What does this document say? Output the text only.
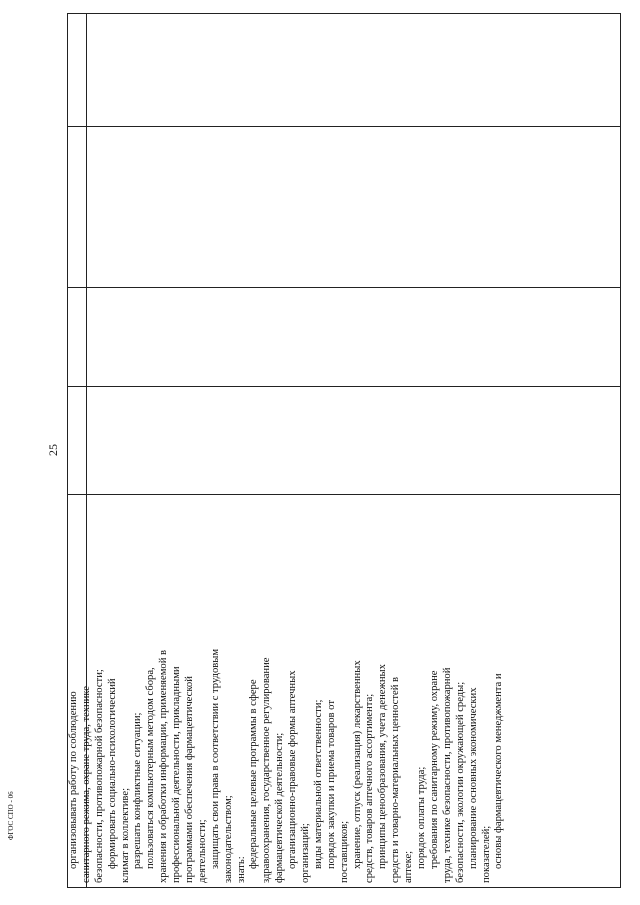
25
ФГОС СПО - 06	организовывать работу по соблюдению санитарного режима, охране труда, технике безопасности, противопожарной безопасности; формировать социально-психологический климат в коллективе; разрешать конфликтные ситуации; пользоваться компьютерным методом сбора, хранения и обработки информации, применяемой в профессиональной деятельности, прикладными программами обеспечения фармацевтической деятельности; защищать свои права в соответствии с трудовым законодательством; знать:
федеральные целевые программы в сфере здравоохранения, государственное регулирование фармацевтической деятельности; организационно-правовые формы аптечных организаций; виды материальной ответственности; порядок закупки и приема товаров от поставщиков; хранение, отпуск (реализация) лекарственных средств, товаров аптечного ассортимента; принципы ценообразования, учета денежных средств и товарно-материальных ценностей в аптеке; порядок оплаты труда; требования по санитарному режиму, охране труда, технике безопасности, противопожарной безопасности, экологии окружающей среды; планирование основных экономических показателей; основы фармацевтического менеджмента и
